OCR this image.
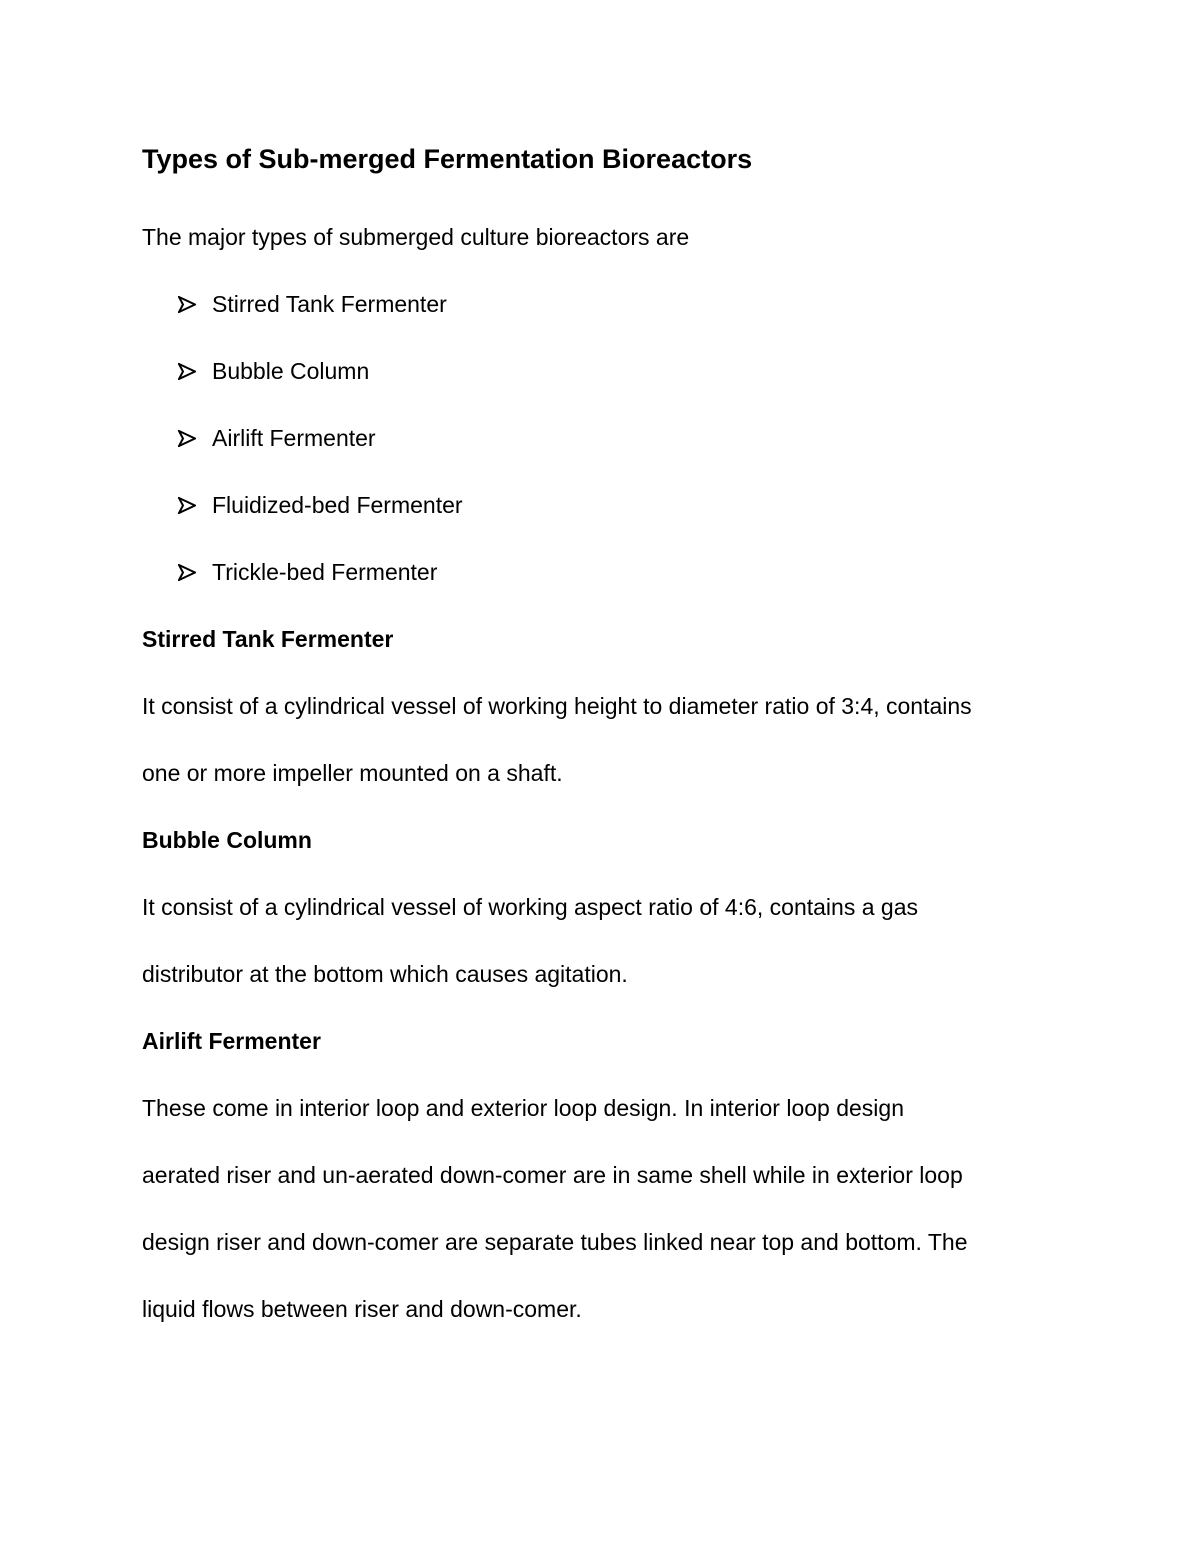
Types of Sub-merged Fermentation Bioreactors
The major types of submerged culture bioreactors are
Stirred Tank Fermenter
Bubble Column
Airlift Fermenter
Fluidized-bed Fermenter
Trickle-bed Fermenter
Stirred Tank Fermenter
It consist of a cylindrical vessel of working height to diameter ratio of 3:4, contains
one or more impeller mounted on a shaft.
Bubble Column
It consist of a cylindrical vessel of working aspect ratio of 4:6, contains a gas
distributor at the bottom which causes agitation.
Airlift Fermenter
These come in interior loop and exterior loop design. In interior loop design
aerated riser and un-aerated down-comer are in same shell while in exterior loop
design riser and down-comer are separate tubes linked near top and bottom. The
liquid flows between riser and down-comer.
